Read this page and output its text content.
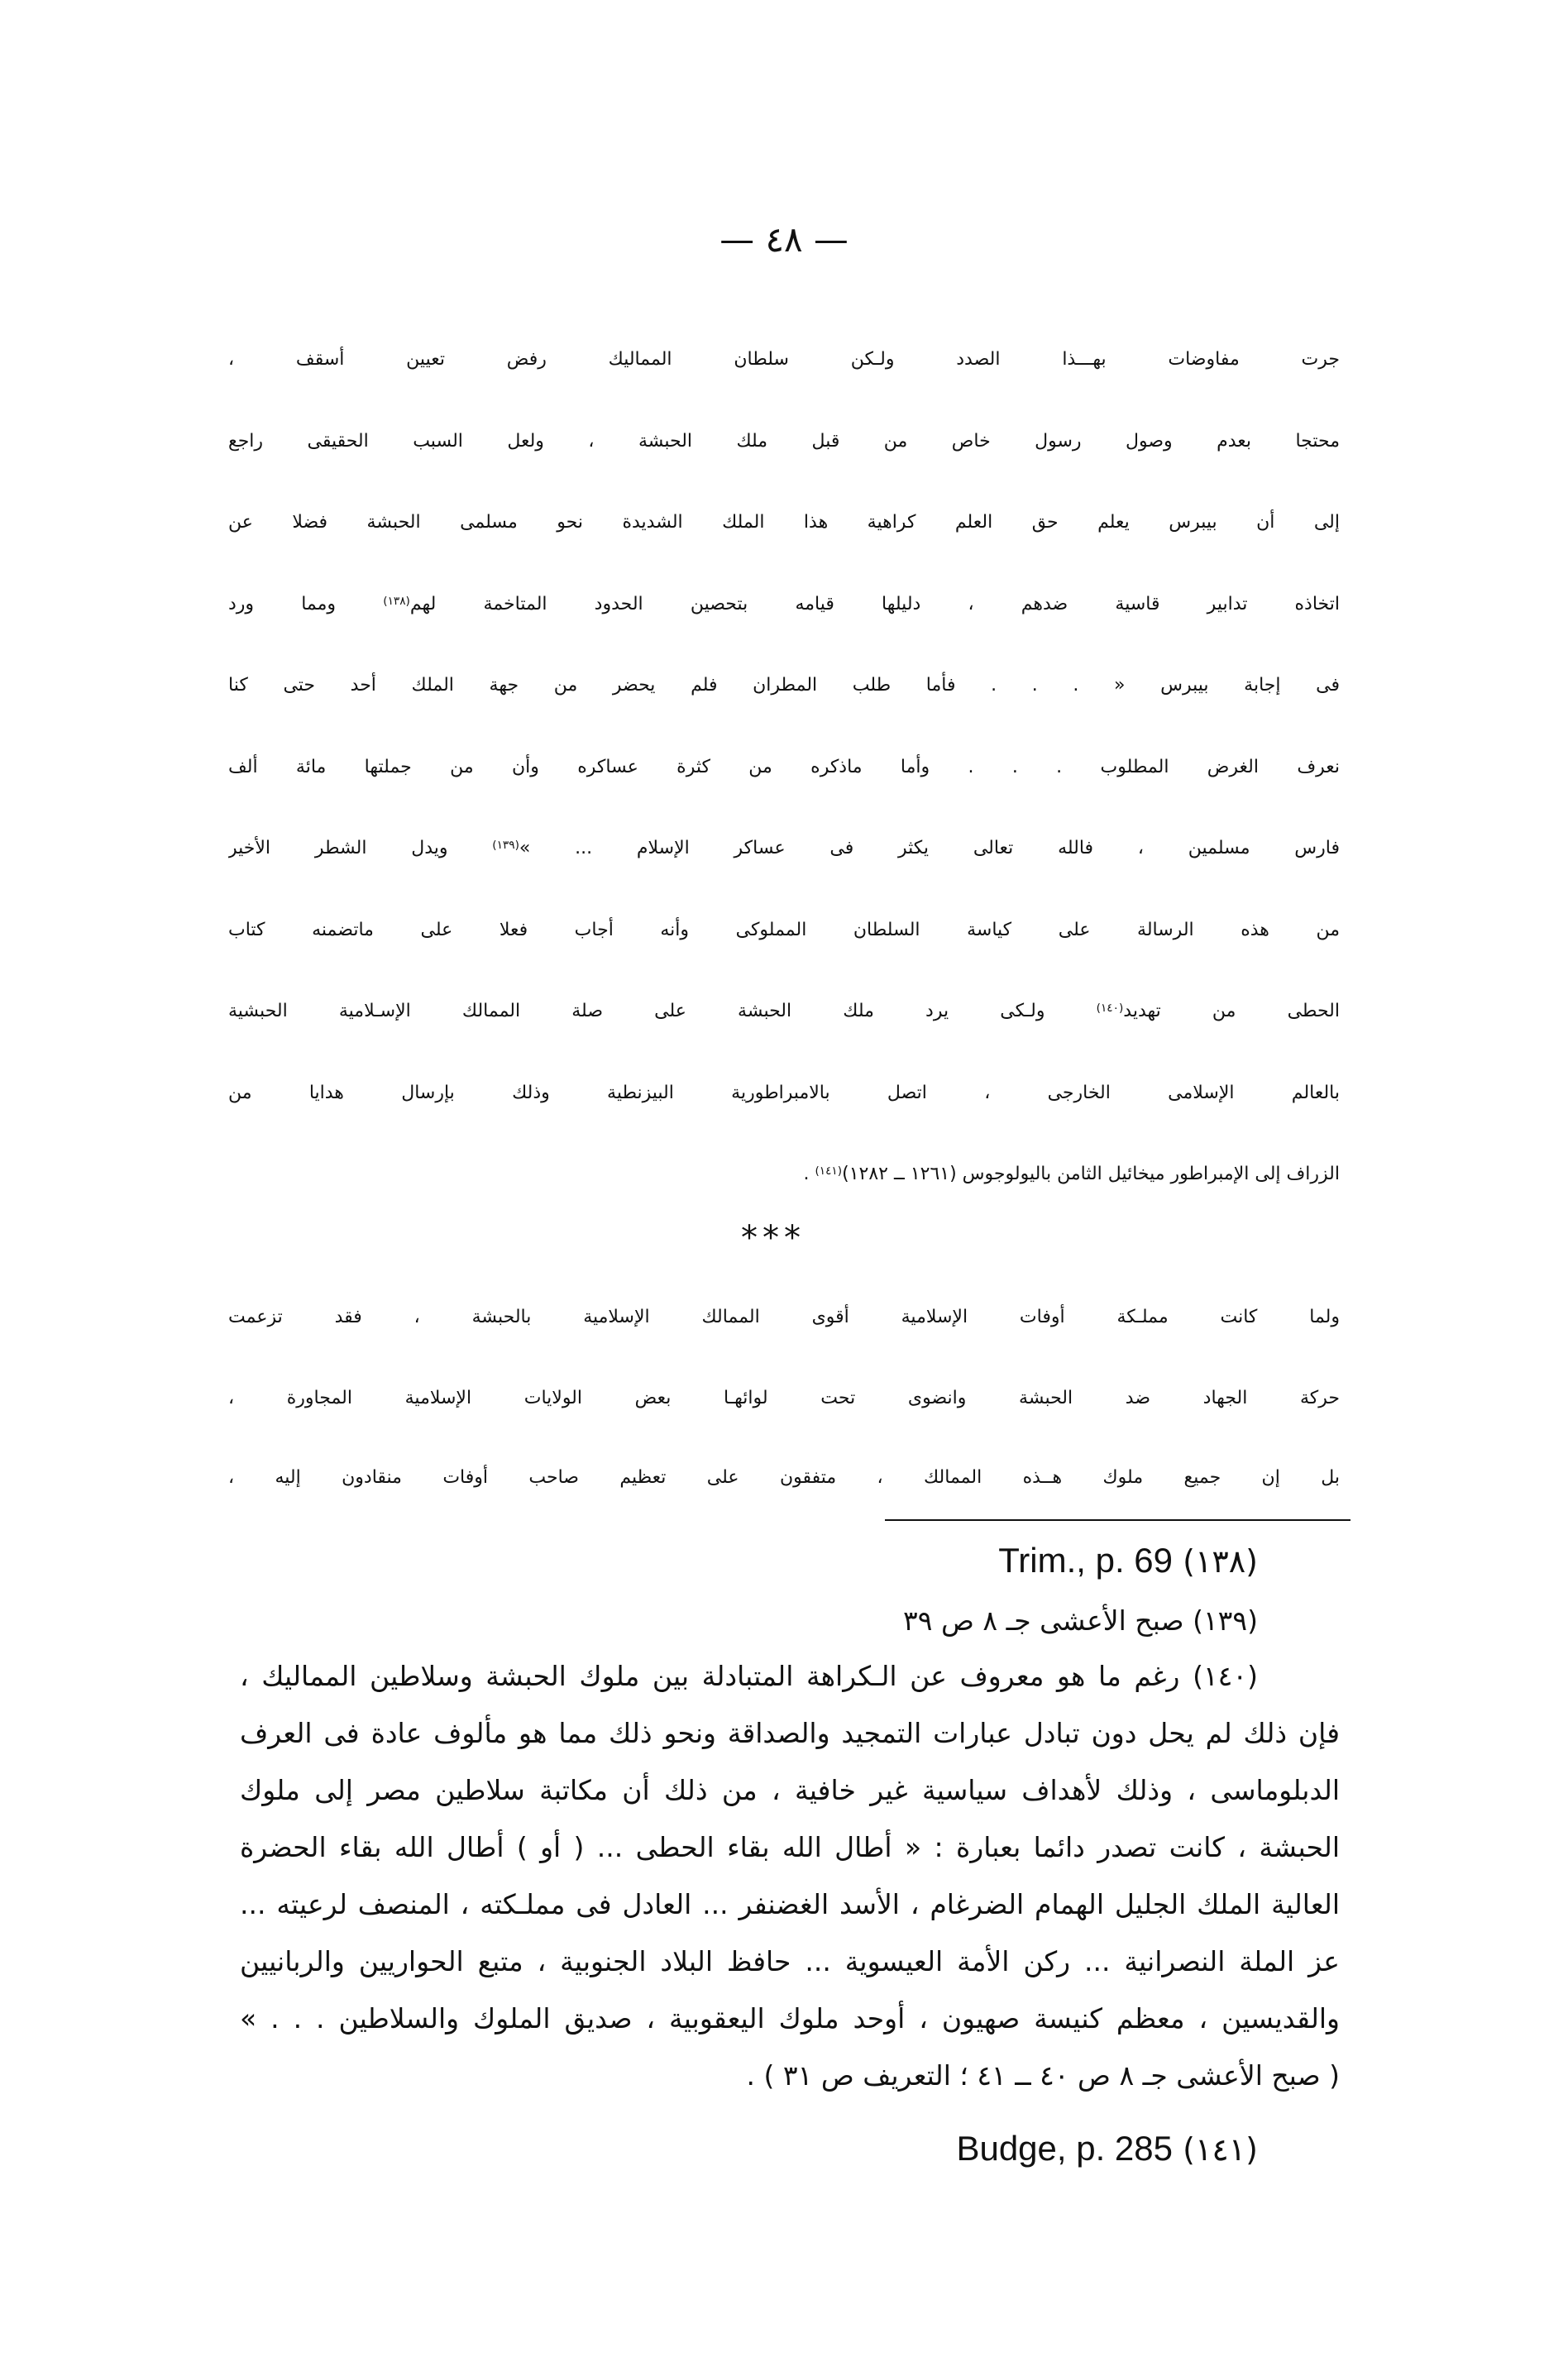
— ٤٨ —
جرت مفاوضات بهـــذا الصدد ولـكن سلطان المماليك رفض تعيين أسقف ،
محتجا بعدم وصول رسول خاص من قبل ملك الحبشة ، ولعل السبب الحقيقى راجع
إلى أن بيبرس يعلم حق العلم كراهية هذا الملك الشديدة نحو مسلمى الحبشة فضلا عن
اتخاذه تدابير قاسية ضدهم ، دليلها قيامه بتحصين الحدود المتاخمة لهم$^{(١٣٨)}$ ومما ورد
فى إجابة بيبرس « . . . فأما طلب المطران فلم يحضر من جهة الملك أحد حتى كنا
نعرف الغرض المطلوب . . . وأما ماذكره من كثرة عساكره وأن من جملتها مائة ألف
فارس مسلمين ، فالله تعالى يكثر فى عساكر الإسلام ... »$^{(١٣٩)}$ ويدل الشطر الأخير
من هذه الرسالة على كياسة السلطان المملوكى وأنه أجاب فعلا على ماتضمنه كتاب
الحطى من تهديد$^{(١٤٠)}$ ولـكى يرد ملك الحبشة على صلة الممالك الإسـلامية الحبشية
بالعالم الإسلامى الخارجى ، اتصل بالامبراطورية البيزنطية وذلك بإرسال هدايا من
الزراف إلى الإمبراطور ميخائيل الثامن باليولوجوس (١٢٦١ ــ ١٢٨٢)$^{(١٤١)}$ .
***
ولما كانت مملـكة أوفات الإسلامية أقوى الممالك الإسلامية بالحبشة ، فقد تزعمت
حركة الجهاد ضد الحبشة وانضوى تحت لوائهـا بعض الولايات الإسلامية المجاورة ،
بل إن جميع ملوك هــذه الممالك ، متفقون على تعظيم صاحب أوفات منقادون إليه ،
(١٣٨) Trim., p. 69
(١٣٩) صبح الأعشى جـ ٨ ص ٣٩
(١٤٠) رغم ما هو معروف عن الـكراهة المتبادلة بين ملوك الحبشة وسلاطين المماليك ،
فإن ذلك لم يحل دون تبادل عبارات التمجيد والصداقة ونحو ذلك مما هو مألوف عادة فى العرف
الدبلوماسى ، وذلك لأهداف سياسية غير خافية ، من ذلك أن مكاتبة سلاطين مصر إلى ملوك
الحبشة ، كانت تصدر دائما بعبارة : « أطال الله بقاء الحطى ... ( أو ) أطال الله بقاء الحضرة
العالية الملك الجليل الهمام الضرغام ، الأسد الغضنفر ... العادل فى مملـكته ، المنصف لرعيته ...
عز الملة النصرانية ... ركن الأمة العيسوية ... حافظ البلاد الجنوبية ، متبع الحواريين والربانيين
والقديسين ، معظم كنيسة صهيون ، أوحد ملوك اليعقوبية ، صديق الملوك والسلاطين . . . »
( صبح الأعشى جـ ٨ ص ٤٠ ــ ٤١ ؛ التعريف ص ٣١ ) .
(١٤١) Budge, p. 285
